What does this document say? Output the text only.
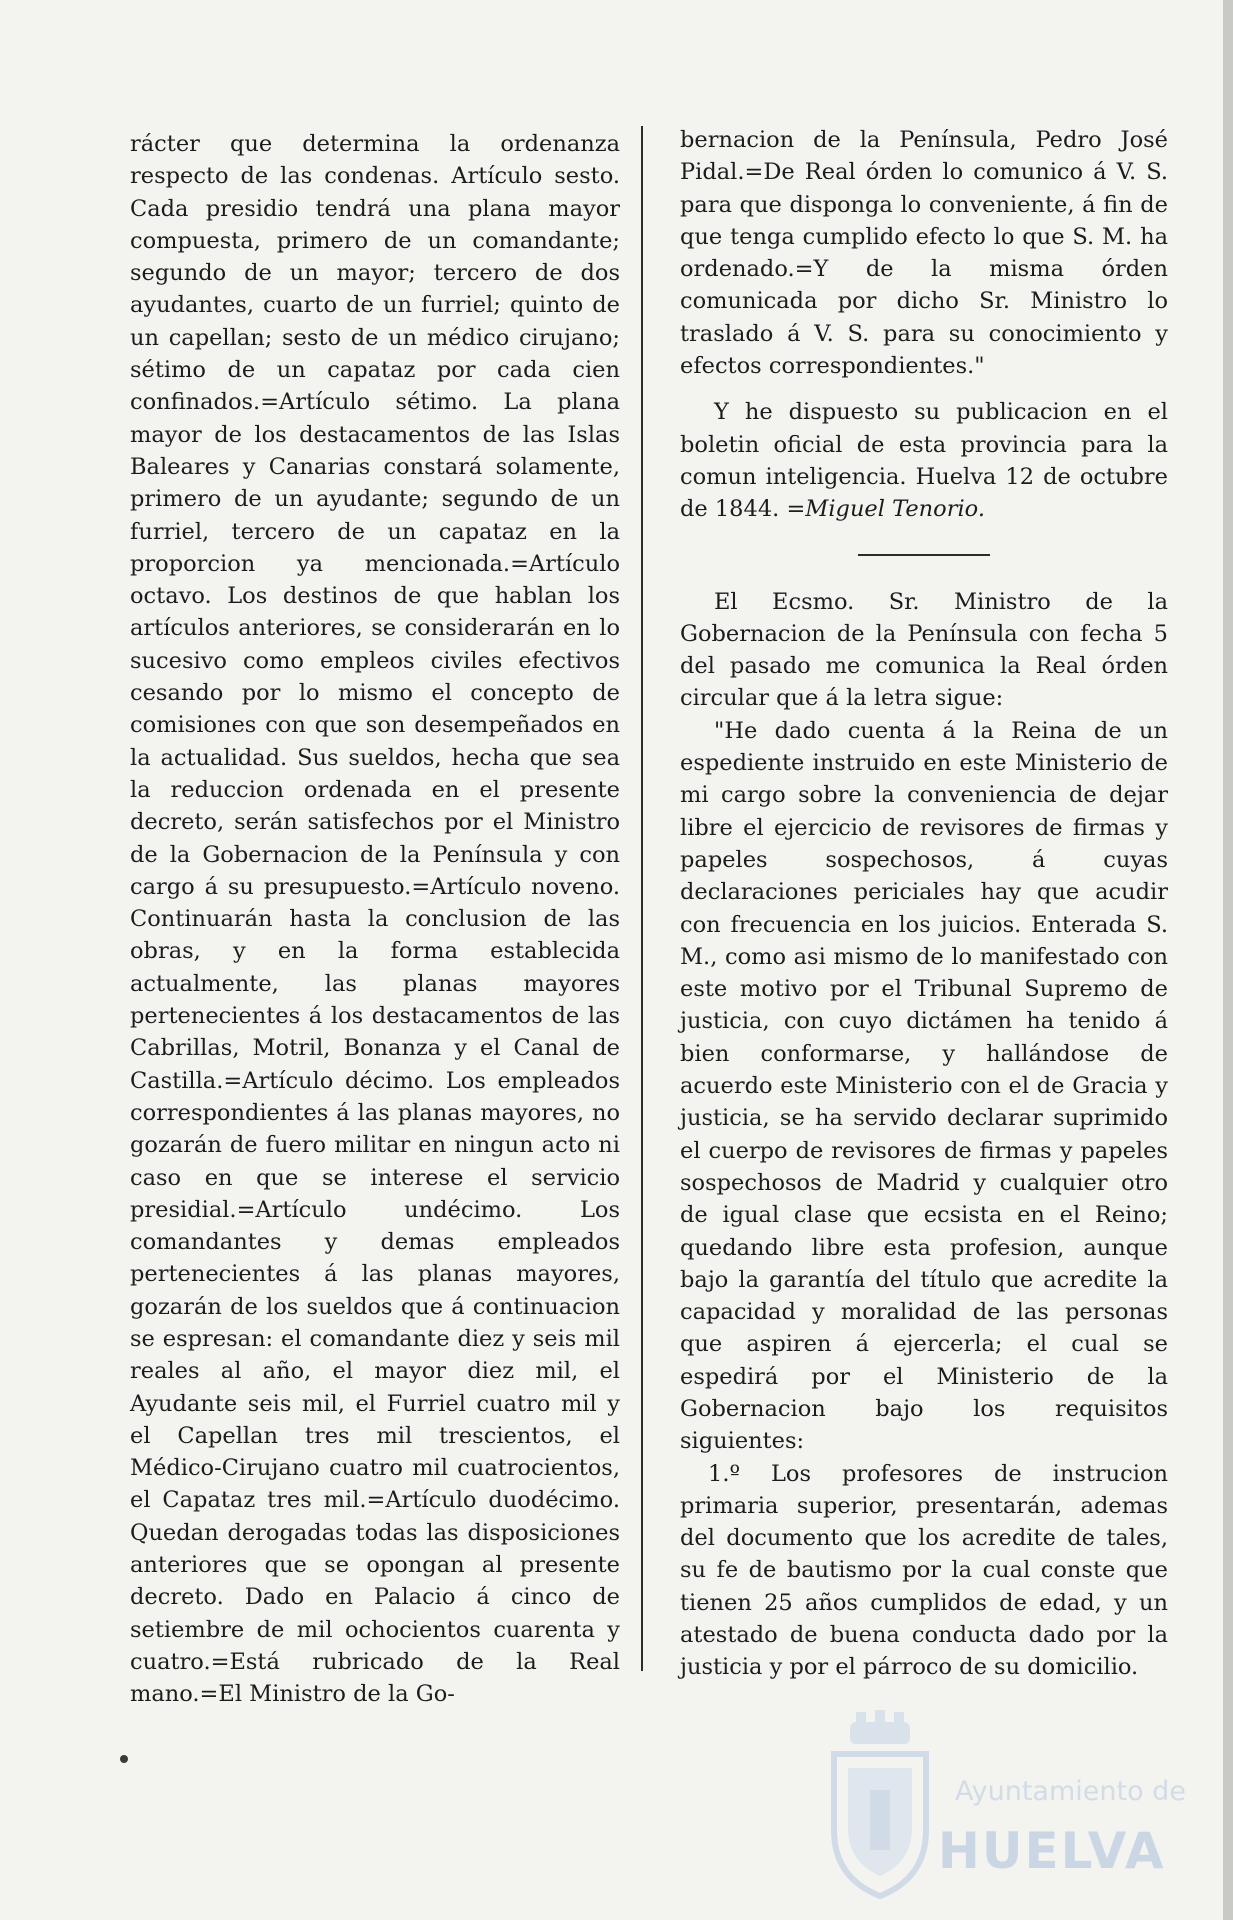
rácter que determina la ordenanza respecto de las condenas. Artículo sesto. Cada presidio tendrá una plana mayor compuesta, primero de un comandante; segundo de un mayor; tercero de dos ayudantes, cuarto de un furriel; quinto de un capellan; sesto de un médico cirujano; sétimo de un capataz por cada cien confinados.=Artículo sétimo. La plana mayor de los destacamentos de las Islas Baleares y Canarias constará solamente, primero de un ayudante; segundo de un furriel, tercero de un capataz en la proporcion ya mencionada.=Artículo octavo. Los destinos de que hablan los artículos anteriores, se considerarán en lo sucesivo como empleos civiles efectivos cesando por lo mismo el concepto de comisiones con que son desempeñados en la actualidad. Sus sueldos, hecha que sea la reduccion ordenada en el presente decreto, serán satisfechos por el Ministro de la Gobernacion de la Península y con cargo á su presupuesto.=Artículo noveno. Continuarán hasta la conclusion de las obras, y en la forma establecida actualmente, las planas mayores pertenecientes á los destacamentos de las Cabrillas, Motril, Bonanza y el Canal de Castilla.=Artículo décimo. Los empleados correspondientes á las planas mayores, no gozarán de fuero militar en ningun acto ni caso en que se interese el servicio presidial.=Artículo undécimo. Los comandantes y demas empleados pertenecientes á las planas mayores, gozarán de los sueldos que á continuacion se espresan: el comandante diez y seis mil reales al año, el mayor diez mil, el Ayudante seis mil, el Furriel cuatro mil y el Capellan tres mil trescientos, el Médico-Cirujano cuatro mil cuatrocientos, el Capataz tres mil.=Artículo duodécimo. Quedan derogadas todas las disposiciones anteriores que se opongan al presente decreto. Dado en Palacio á cinco de setiembre de mil ochocientos cuarenta y cuatro.=Está rubricado de la Real mano.=El Ministro de la Go-

bernacion de la Península, Pedro José Pidal.=De Real órden lo comunico á V. S. para que disponga lo conveniente, á fin de que tenga cumplido efecto lo que S. M. ha ordenado.=Y de la misma órden comunicada por dicho Sr. Ministro lo traslado á V. S. para su conocimiento y efectos correspondientes."

Y he dispuesto su publicacion en el boletin oficial de esta provincia para la comun inteligencia. Huelva 12 de octubre de 1844. =Miguel Tenorio.

El Ecsmo. Sr. Ministro de la Gobernacion de la Península con fecha 5 del pasado me comunica la Real órden circular que á la letra sigue:

"He dado cuenta á la Reina de un espediente instruido en este Ministerio de mi cargo sobre la conveniencia de dejar libre el ejercicio de revisores de firmas y papeles sospechosos, á cuyas declaraciones periciales hay que acudir con frecuencia en los juicios. Enterada S. M., como asi mismo de lo manifestado con este motivo por el Tribunal Supremo de justicia, con cuyo dictámen ha tenido á bien conformarse, y hallándose de acuerdo este Ministerio con el de Gracia y justicia, se ha servido declarar suprimido el cuerpo de revisores de firmas y papeles sospechosos de Madrid y cualquier otro de igual clase que ecsista en el Reino; quedando libre esta profesion, aunque bajo la garantía del título que acredite la capacidad y moralidad de las personas que aspiren á ejercerla; el cual se espedirá por el Ministerio de la Gobernacion bajo los requisitos siguientes:

1.º Los profesores de instrucion primaria superior, presentarán, ademas del documento que los acredite de tales, su fe de bautismo por la cual conste que tienen 25 años cumplidos de edad, y un atestado de buena conducta dado por la justicia y por el párroco de su domicilio.

Ayuntamiento de
HUELVA
